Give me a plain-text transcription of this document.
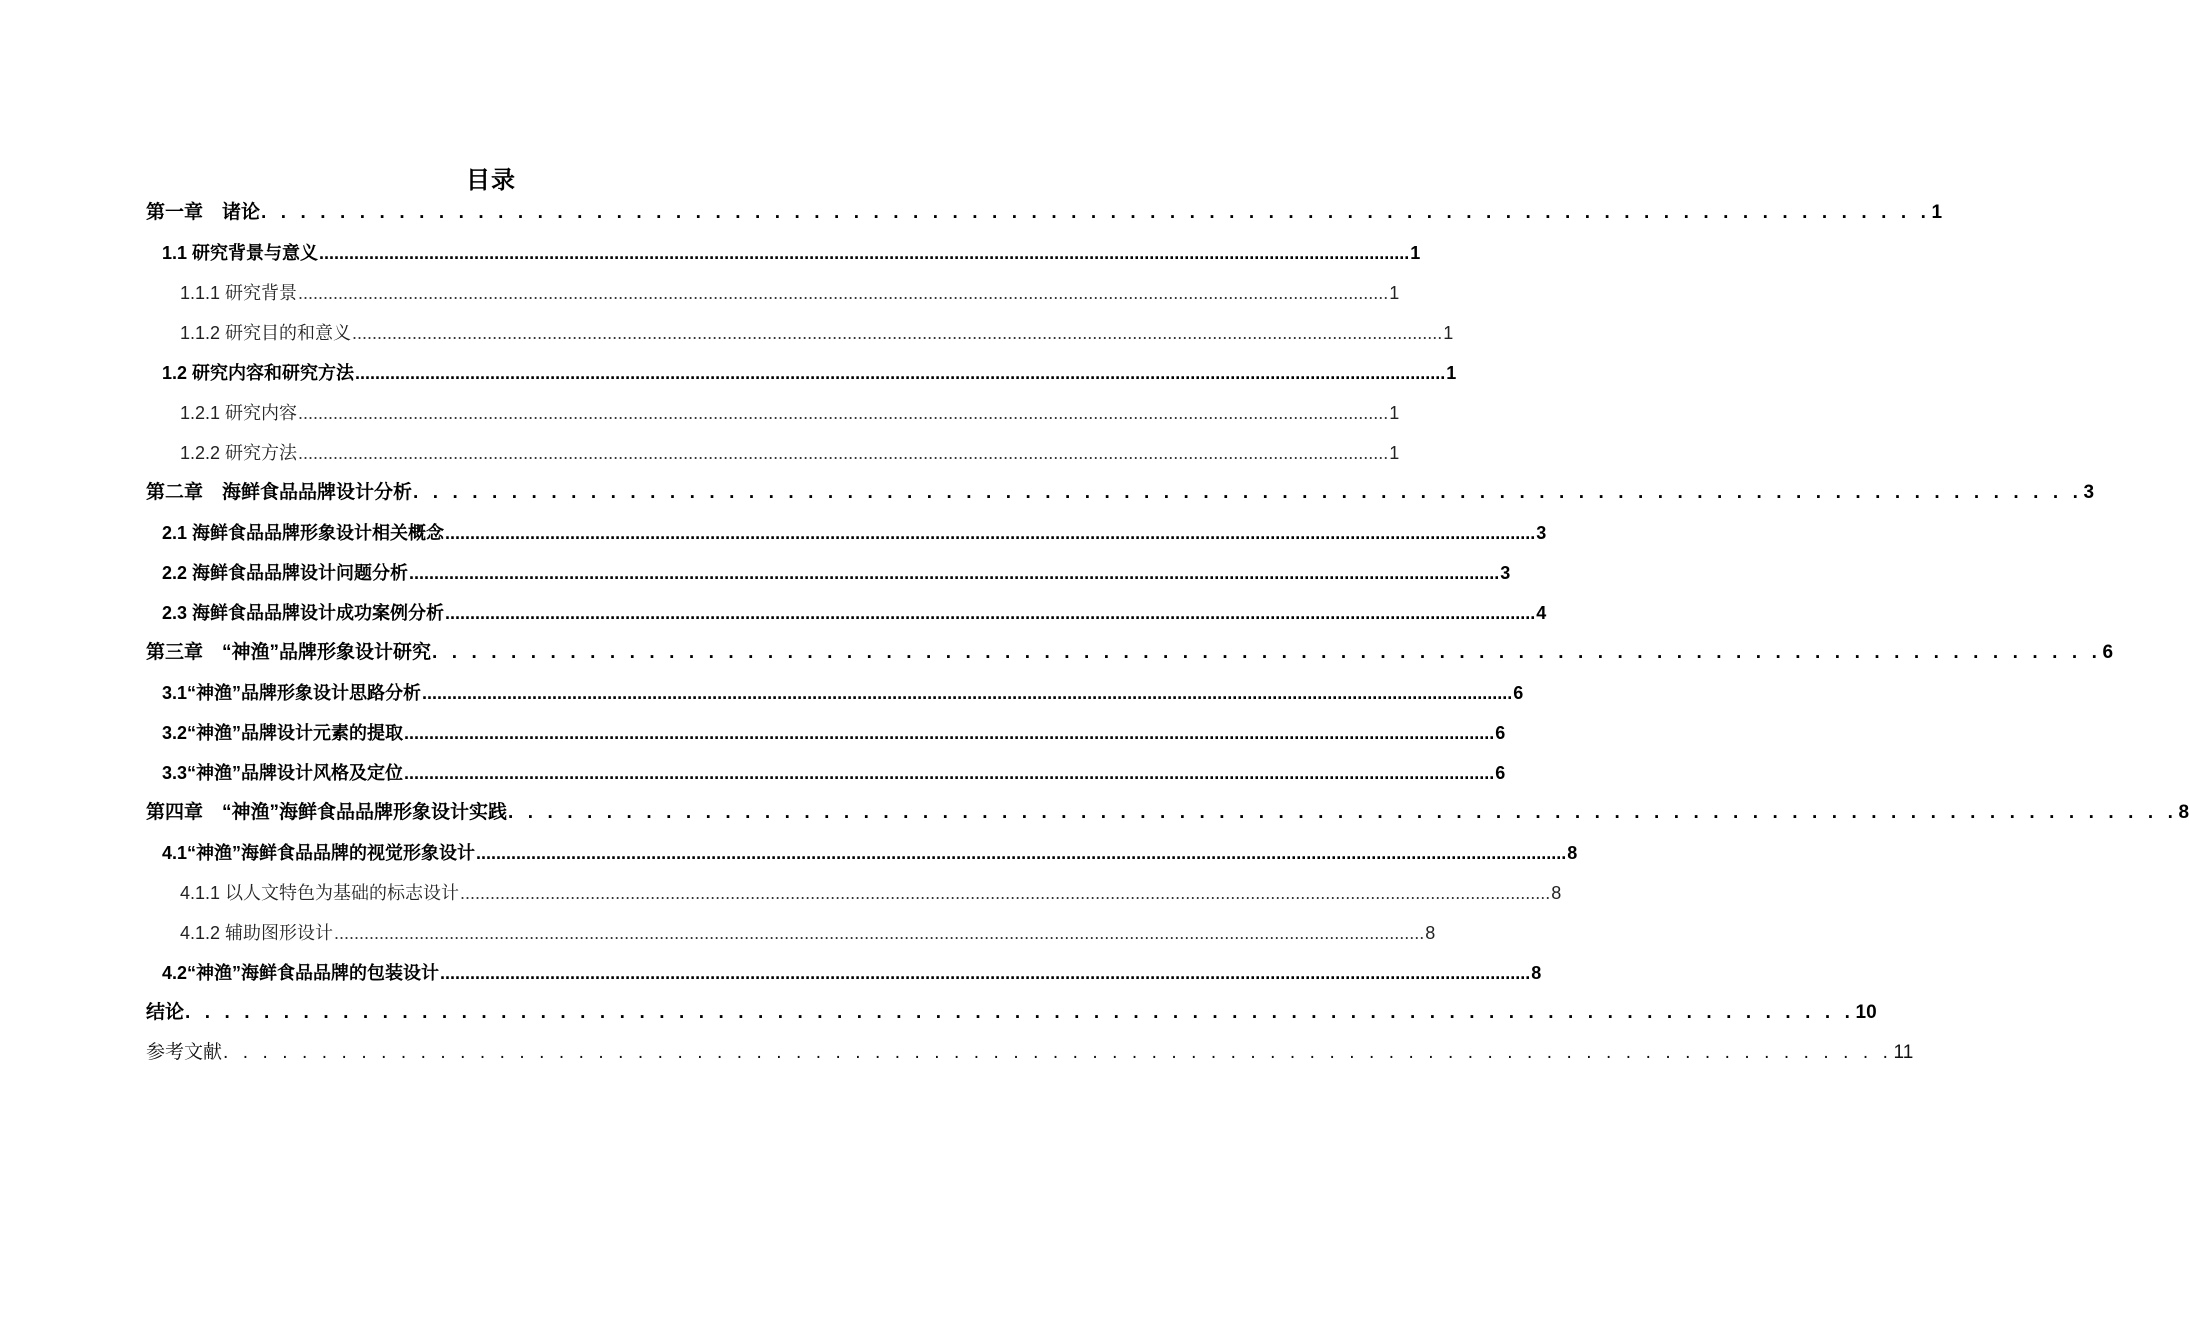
目录
第一章　诸论 . . . . . . . . . . . . . . . . . . . . . . . . . . . . . . . . . . . . . . . . . . . . . . . . . . . . . . . . . . . . . . . . . . . . . . . . . . . . . . . . . . . . . 1
1.1 研究背景与意义 .......................................................................................................................................................................................................................... 1
1.1.1 研究背景 .......................................................................................................................................................................................................................... 1
1.1.2 研究目的和意义 .......................................................................................................................................................................................................................... 1
1.2 研究内容和研究方法 .......................................................................................................................................................................................................................... 1
1.2.1 研究内容 .......................................................................................................................................................................................................................... 1
1.2.2 研究方法 .......................................................................................................................................................................................................................... 1
第二章　海鲜食品品牌设计分析 . . . . . . . . . . . . . . . . . . . . . . . . . . . . . . . . . . . . . . . . . . . . . . . . . . . . . . . . . . . . . . . . . . . . . . . . . . . . . . . . . . . . . 3
2.1 海鲜食品品牌形象设计相关概念 .......................................................................................................................................................................................................................... 3
2.2 海鲜食品品牌设计问题分析 .......................................................................................................................................................................................................................... 3
2.3 海鲜食品品牌设计成功案例分析 .......................................................................................................................................................................................................................... 4
第三章　“神渔”品牌形象设计研究 . . . . . . . . . . . . . . . . . . . . . . . . . . . . . . . . . . . . . . . . . . . . . . . . . . . . . . . . . . . . . . . . . . . . . . . . . . . . . . . . . . . . . 6
3.1“神渔”品牌形象设计思路分析 .......................................................................................................................................................................................................................... 6
3.2“神渔”品牌设计元素的提取 .......................................................................................................................................................................................................................... 6
3.3“神渔”品牌设计风格及定位 .......................................................................................................................................................................................................................... 6
第四章　“神渔”海鲜食品品牌形象设计实践 . . . . . . . . . . . . . . . . . . . . . . . . . . . . . . . . . . . . . . . . . . . . . . . . . . . . . . . . . . . . . . . . . . . . . . . . . . . . . . . . . . . . . 8
4.1“神渔”海鲜食品品牌的视觉形象设计 .......................................................................................................................................................................................................................... 8
4.1.1 以人文特色为基础的标志设计 .......................................................................................................................................................................................................................... 8
4.1.2 辅助图形设计 .......................................................................................................................................................................................................................... 8
4.2“神渔”海鲜食品品牌的包装设计 .......................................................................................................................................................................................................................... 8
结论 . . . . . . . . . . . . . . . . . . . . . . . . . . . . . . . . . . . . . . . . . . . . . . . . . . . . . . . . . . . . . . . . . . . . . . . . . . . . . . . . . . . . . 10
参考文献 . . . . . . . . . . . . . . . . . . . . . . . . . . . . . . . . . . . . . . . . . . . . . . . . . . . . . . . . . . . . . . . . . . . . . . . . . . . . . . . . . . . . . 11
